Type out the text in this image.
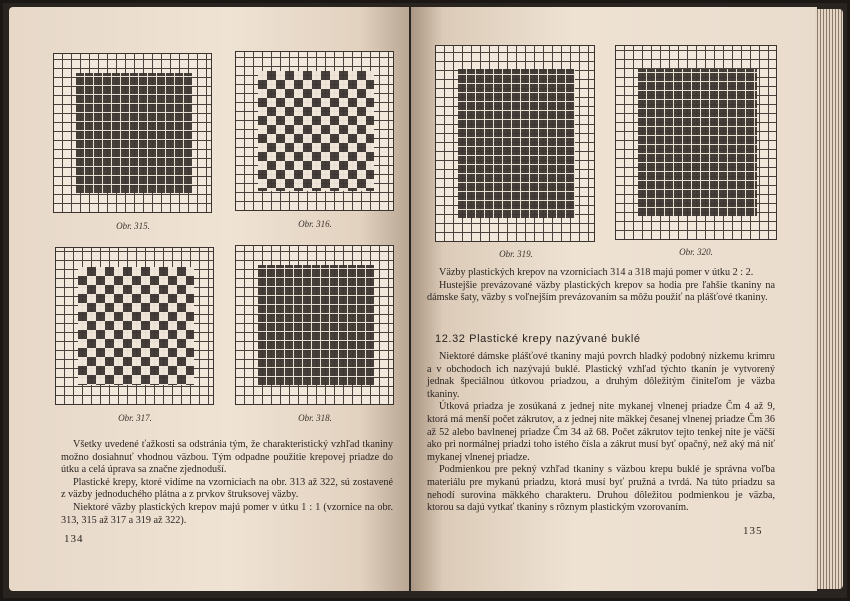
Obr. 315.	Obr. 316.
Obr. 317.	Obr. 318.

Všetky uvedené ťažkosti sa odstránia tým, že charakteristický vzhľad tkaniny možno dosiahnuť vhodnou väzbou. Tým odpadne použitie krepovej priadze do útku a celá úprava sa značne zjednoduší.

Plastické krepy, ktoré vidíme na vzorniciach na obr. 313 až 322, sú zostavené z väzby jednoduchého plátna a z prvkov štruksovej väzby.

Niektoré väzby plastických krepov majú pomer v útku 1 : 1 (vzornice na obr. 313, 315 až 317 a 319 až 322).

134
Obr. 319.	Obr. 320.

Väzby plastických krepov na vzorniciach 314 a 318 majú pomer v útku 2 : 2.

Hustejšie prevázované väzby plastických krepov sa hodia pre ľahšie tkaniny na dámske šaty, väzby s voľnejším prevázovaním sa môžu použiť na plášťové tkaniny.

12.32 Plastické krepy nazývané buklé

Niektoré dámske plášťové tkaniny majú povrch hladký podobný nízkemu krimru a v obchodoch ich nazývajú buklé. Plastický vzhľad týchto tkanín je vytvorený jednak špeciálnou útkovou priadzou, a druhým dôležitým činiteľom je väzba tkaniny.

Útková priadza je zosúkaná z jednej nite mykanej vlnenej priadze Čm 4 až 9, ktorá má menší počet zákrutov, a z jednej nite mäkkej česanej vlnenej priadze Čm 36 až 52 alebo bavlnenej priadze Čm 34 až 68. Počet zákrutov tejto tenkej nite je väčší ako pri normálnej priadzi toho istého čísla a zákrut musí byť opačný, než aký má niť mykanej vlnenej priadze.

Podmienkou pre pekný vzhľad tkaniny s väzbou krepu buklé je správna voľba materiálu pre mykanú priadzu, ktorá musí byť pružná a tvrdá. Na túto priadzu sa nehodí surovina mäkkého charakteru. Druhou dôležitou podmienkou je väzba, ktorou sa dajú vytkať tkaniny s rôznym plastickým vzorovaním.

135
